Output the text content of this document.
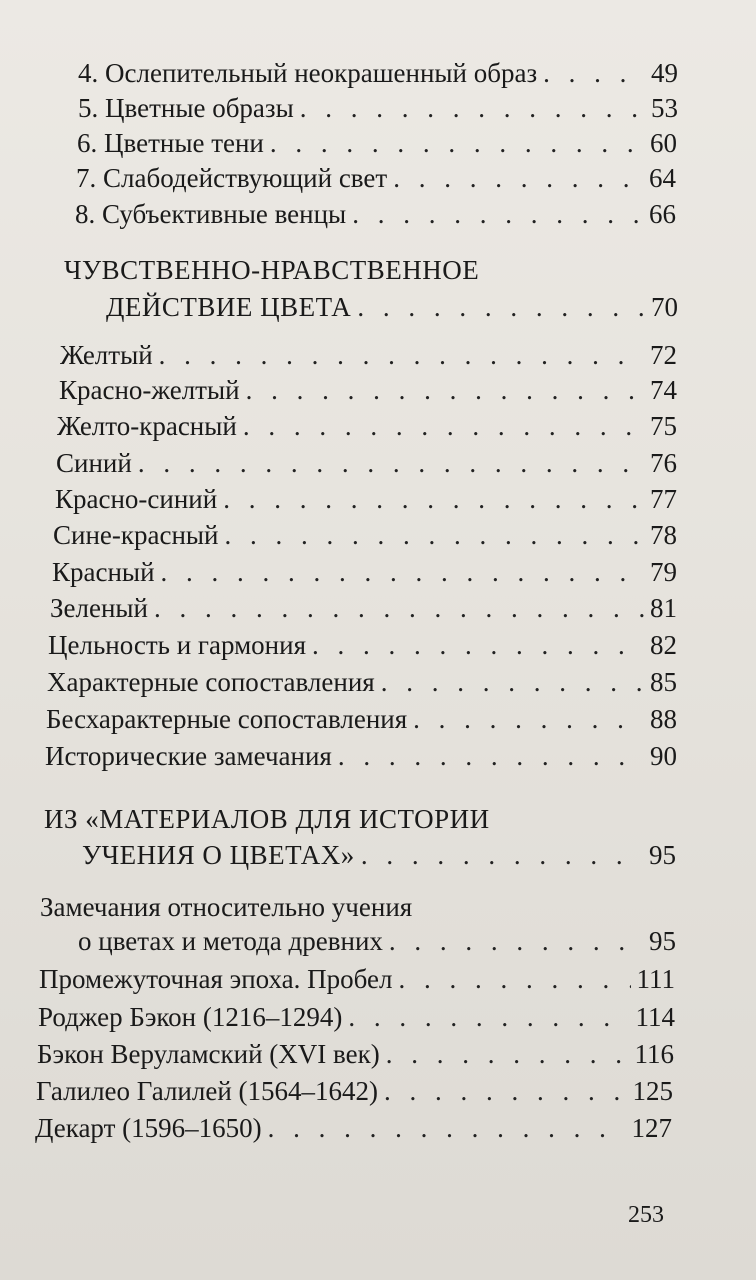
4. Ослепительный неокрашенный образ . . .	49
5. Цветные образы . . .	53
6. Цветные тени . . .	60
7. Слабодействующий свет . . .	64
8. Субъективные венцы . . .	66
ЧУВСТВЕННО-НРАВСТВЕННОЕ
ДЕЙСТВИЕ ЦВЕТА . . .	70
Желтый . . .	72
Красно-желтый . . .	74
Желто-красный . . .	75
Синий . . .	76
Красно-синий . . .	77
Сине-красный . . .	78
Красный . . .	79
Зеленый . . .	81
Цельность и гармония . . .	82
Характерные сопоставления . . .	85
Бесхарактерные сопоставления . . .	88
Исторические замечания . . .	90
ИЗ «МАТЕРИАЛОВ ДЛЯ ИСТОРИИ
УЧЕНИЯ О ЦВЕТАХ» . . .	95
Замечания относительно учения
о цветах и метода древних . . .	95
Промежуточная эпоха. Пробел . . .	111
Роджер Бэкон (1216–1294) . . .	114
Бэкон Веруламский (XVI век) . . .	116
Галилео Галилей (1564–1642) . . .	125
Декарт (1596–1650) . . .	127
253
